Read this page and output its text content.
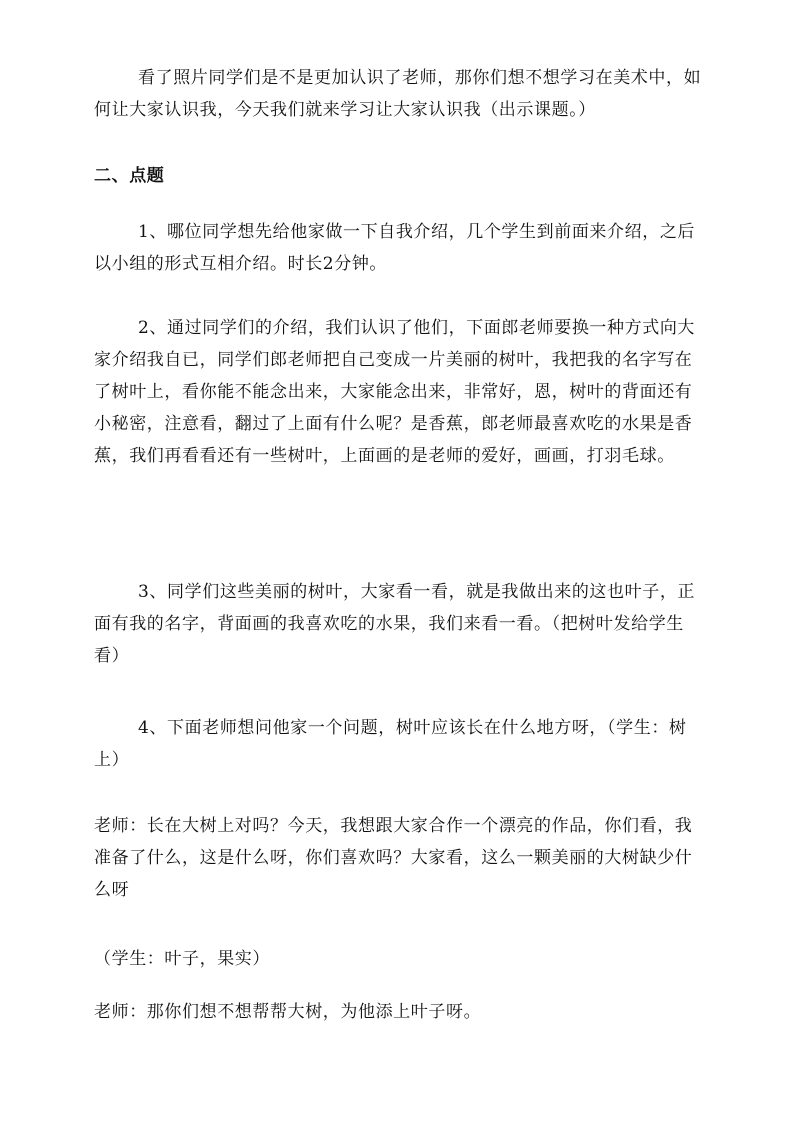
看了照片同学们是不是更加认识了老师，那你们想不想学习在美术中，如何让大家认识我，今天我们就来学习让大家认识我（出示课题。）

二、点题

1、哪位同学想先给他家做一下自我介绍，几个学生到前面来介绍，之后以小组的形式互相介绍。时长2分钟。

2、通过同学们的介绍，我们认识了他们，下面郎老师要换一种方式向大家介绍我自已，同学们郎老师把自己变成一片美丽的树叶，我把我的名字写在了树叶上，看你能不能念出来，大家能念出来，非常好，恩，树叶的背面还有小秘密，注意看，翻过了上面有什么呢？是香蕉，郎老师最喜欢吃的水果是香蕉，我们再看看还有一些树叶，上面画的是老师的爱好，画画，打羽毛球。

3、同学们这些美丽的树叶，大家看一看，就是我做出来的这也叶子，正面有我的名字，背面画的我喜欢吃的水果，我们来看一看。（把树叶发给学生看）

4、下面老师想问他家一个问题，树叶应该长在什么地方呀，（学生：树上）

老师：长在大树上对吗？今天，我想跟大家合作一个漂亮的作品，你们看，我准备了什么，这是什么呀，你们喜欢吗？大家看，这么一颗美丽的大树缺少什么呀

（学生：叶子，果实）

老师：那你们想不想帮帮大树，为他添上叶子呀。
